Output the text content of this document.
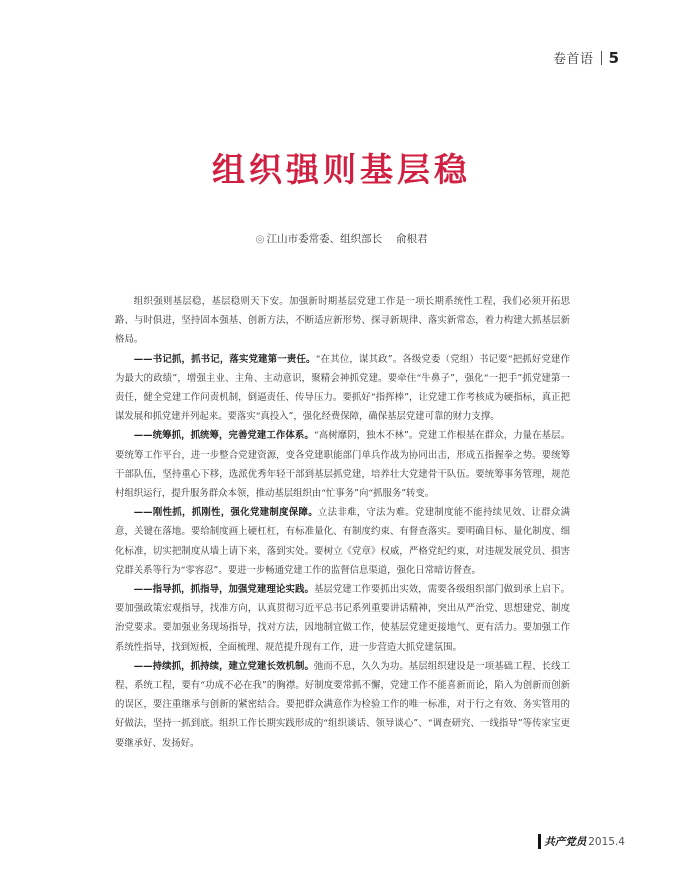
卷首语 5
组织强则基层稳
◎ 江山市委常委、组织部长 俞根君

组织强则基层稳，基层稳则天下安。加强新时期基层党建工作是一项长期系统性工程，我们必须开拓思路、与时俱进，坚持固本强基、创新方法，不断适应新形势、探寻新规律、落实新常态，着力构建大抓基层新格局。

——书记抓，抓书记，落实党建第一责任。“在其位，谋其政”。各级党委（党组）书记要“把抓好党建作为最大的政绩”，增强主业、主角、主动意识，聚精会神抓党建。要牵住“牛鼻子”，强化“一把手”抓党建第一责任，健全党建工作问责机制，倒逼责任、传导压力。要抓好“指挥棒”，让党建工作考核成为硬指标，真正把谋发展和抓党建并列起来。要落实“真投入”，强化经费保障，确保基层党建可靠的财力支撑。

——统筹抓，抓统筹，完善党建工作体系。“高树靡阴，独木不林”。党建工作根基在群众，力量在基层。要统筹工作平台，进一步整合党建资源，变各党建职能部门单兵作战为协同出击，形成五指握拳之势。要统筹干部队伍，坚持重心下移，选派优秀年轻干部到基层抓党建，培养壮大党建骨干队伍。要统筹事务管理，规范村组织运行，提升服务群众本领，推动基层组织由“忙事务”向“抓服务”转变。

——刚性抓，抓刚性，强化党建制度保障。立法非难，守法为难。党建制度能不能持续见效、让群众满意，关键在落地。要给制度画上硬杠杠，有标准量化、有制度约束、有督查落实。要明确目标、量化制度、细化标准，切实把制度从墙上请下来，落到实处。要树立《党章》权威，严格党纪约束，对违规发展党员、損害党群关系等行为“零容忍”。要进一步畅通党建工作的监督信息渠道，强化日常暗访督查。

——指导抓，抓指导，加强党建理论实践。基层党建工作要抓出实效，需要各级组织部门做到承上启下。要加强政策宏观指导，找准方向，认真贯彻习近平总书记系列重要讲话精神，突出从严治党、思想建党、制度治党要求。要加强业务现场指导，找对方法，因地制宜做工作，使基层党建更接地气、更有活力。要加强工作系统性指导，找到短板，全面梳理、规范提升现有工作，进一步营造大抓党建氛围。

——持续抓，抓持续，建立党建长效机制。弛而不息，久久为功。基层组织建设是一项基础工程、长线工程、系统工程，要有“功成不必在我”的胸襟。好制度要常抓不懈，党建工作不能喜新而论，陷入为创新而创新的误区，要注重继承与创新的紧密结合。要把群众满意作为检验工作的唯一标准，对于行之有效、务实管用的好做法，坚持一抓到底。组织工作长期实践形成的“组织谈话、领导谈心”、“调查研究、一线指导”等传家宝更要继承好、发扬好。

共产党员 2015.4
